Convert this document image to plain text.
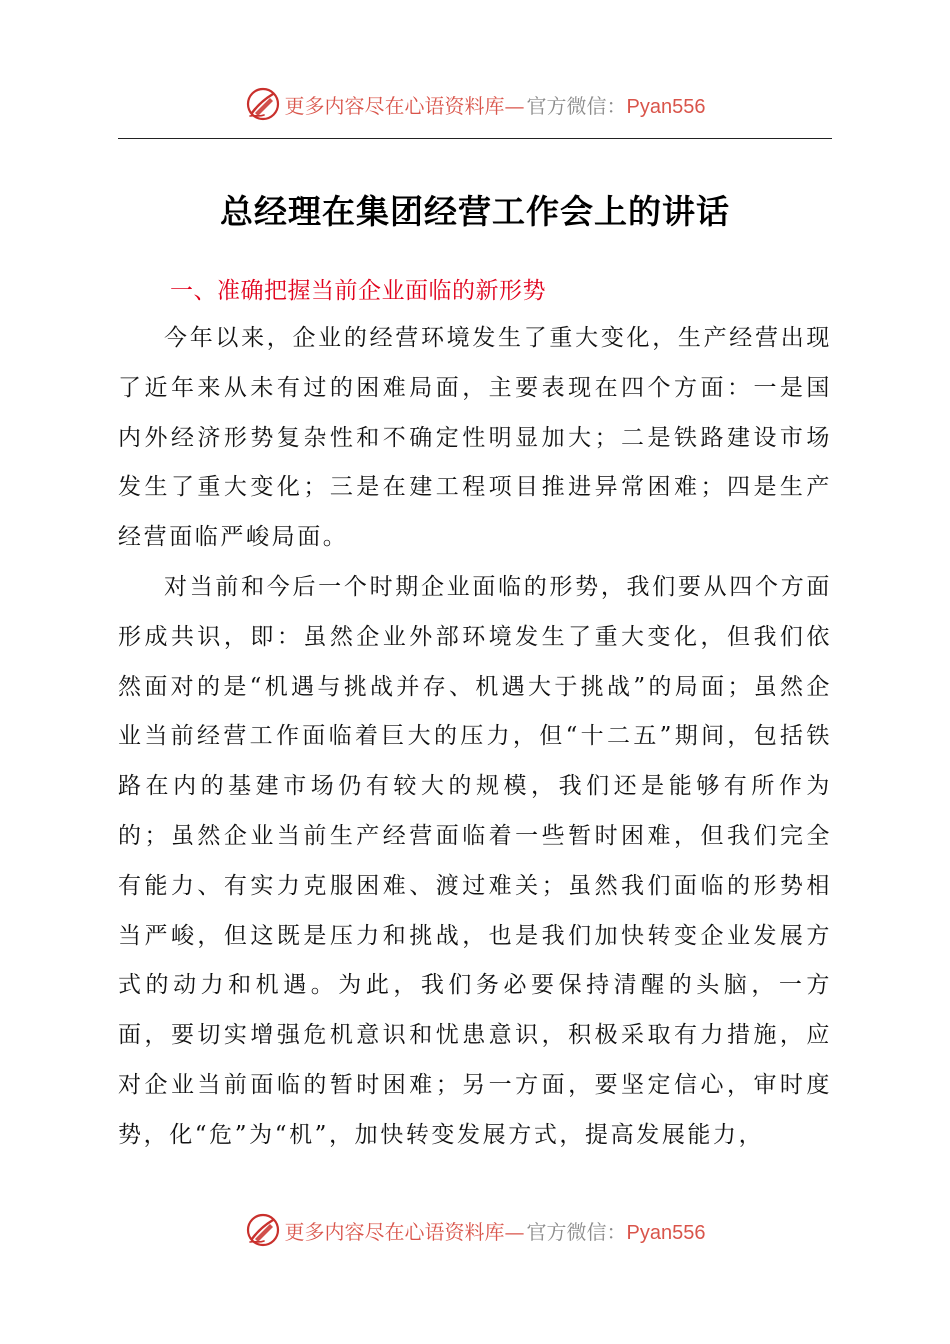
更多内容尽在心语资料库— 官方微信：Pyan556
总经理在集团经营工作会上的讲话
一、准确把握当前企业面临的新形势

今年以来，企业的经营环境发生了重大变化，生产经营出现了近年来从未有过的困难局面，主要表现在四个方面：一是国内外经济形势复杂性和不确定性明显加大；二是铁路建设市场发生了重大变化；三是在建工程项目推进异常困难；四是生产经营面临严峻局面。

对当前和今后一个时期企业面临的形势，我们要从四个方面形成共识，即：虽然企业外部环境发生了重大变化，但我们依然面对的是“机遇与挑战并存、机遇大于挑战”的局面；虽然企业当前经营工作面临着巨大的压力，但“十二五”期间，包括铁路在内的基建市场仍有较大的规模，我们还是能够有所作为的；虽然企业当前生产经营面临着一些暂时困难，但我们完全有能力、有实力克服困难、渡过难关；虽然我们面临的形势相当严峻，但这既是压力和挑战，也是我们加快转变企业发展方式的动力和机遇。为此，我们务必要保持清醒的头脑，一方面，要切实增强危机意识和忧患意识，积极采取有力措施，应对企业当前面临的暂时困难；另一方面，要坚定信心，审时度势，化“危”为“机”，加快转变发展方式，提高发展能力，

更多内容尽在心语资料库— 官方微信：Pyan556
